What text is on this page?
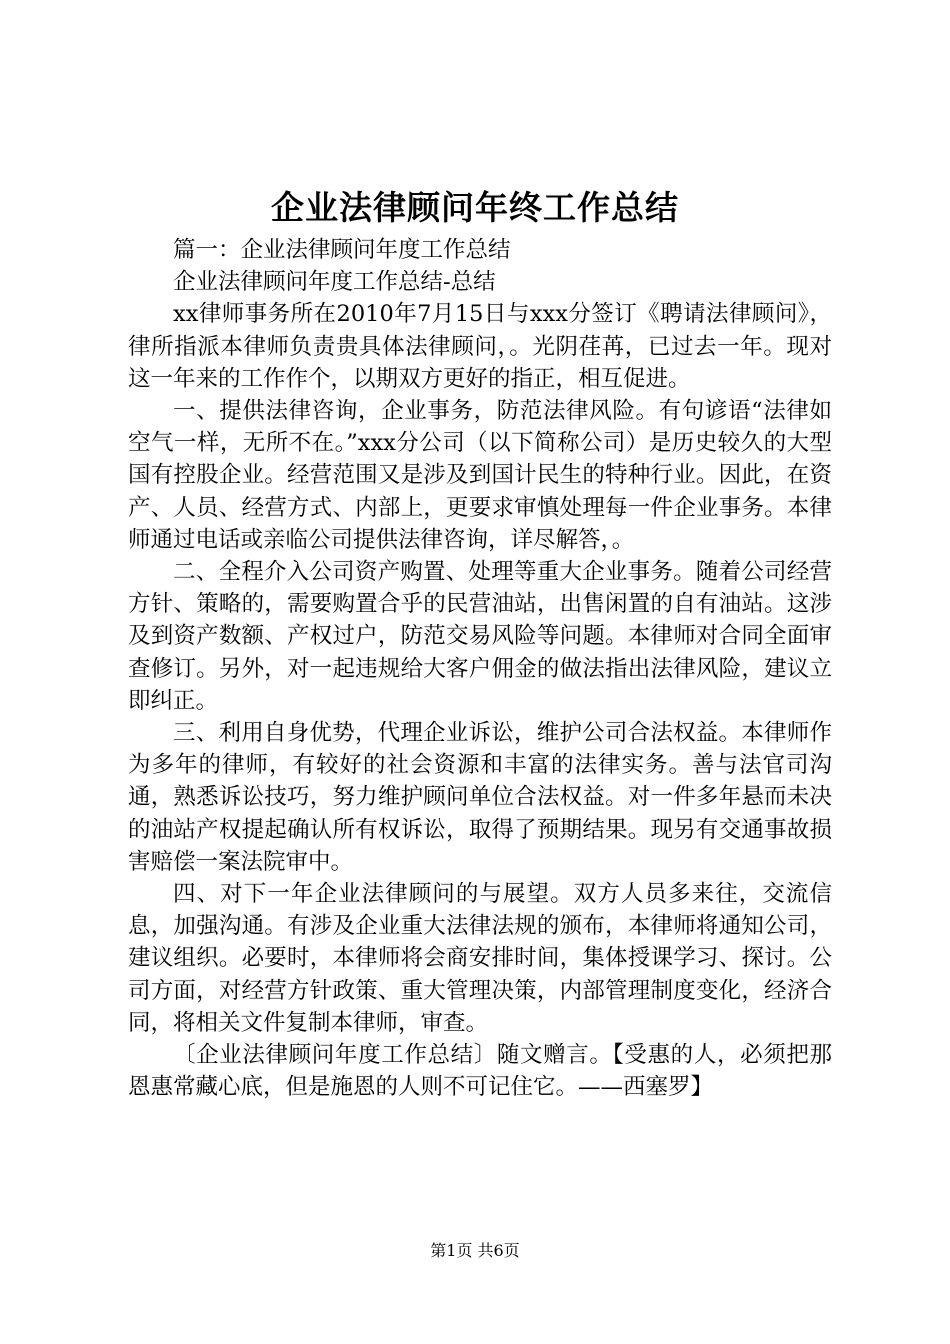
企业法律顾问年终工作总结

篇一：企业法律顾问年度工作总结

企业法律顾问年度工作总结-总结

xx律师事务所在2010年7月15日与xxx分签订《聘请法律顾问》，律所指派本律师负责贵具体法律顾问，。光阴荏苒，已过去一年。现对这一年来的工作作个，以期双方更好的指正，相互促进。

一、提供法律咨询，企业事务，防范法律风险。有句谚语“法律如空气一样，无所不在。”xxx分公司（以下简称公司）是历史较久的大型国有控股企业。经营范围又是涉及到国计民生的特种行业。因此，在资产、人员、经营方式、内部上，更要求审慎处理每一件企业事务。本律师通过电话或亲临公司提供法律咨询，详尽解答，。

二、全程介入公司资产购置、处理等重大企业事务。随着公司经营方针、策略的，需要购置合乎的民营油站，出售闲置的自有油站。这涉及到资产数额、产权过户，防范交易风险等问题。本律师对合同全面审查修订。另外，对一起违规给大客户佣金的做法指出法律风险，建议立即纠正。

三、利用自身优势，代理企业诉讼，维护公司合法权益。本律师作为多年的律师，有较好的社会资源和丰富的法律实务。善与法官司沟通，熟悉诉讼技巧，努力维护顾问单位合法权益。对一件多年悬而未决的油站产权提起确认所有权诉讼，取得了预期结果。现另有交通事故损害赔偿一案法院审中。

四、对下一年企业法律顾问的与展望。双方人员多来往，交流信息，加强沟通。有涉及企业重大法律法规的颁布，本律师将通知公司，建议组织。必要时，本律师将会商安排时间，集体授课学习、探讨。公司方面，对经营方针政策、重大管理决策，内部管理制度变化，经济合同，将相关文件复制本律师，审查。

〔企业法律顾问年度工作总结〕随文赠言。【受惠的人，必须把那恩惠常藏心底，但是施恩的人则不可记住它。——西塞罗】

第1页 共6页
